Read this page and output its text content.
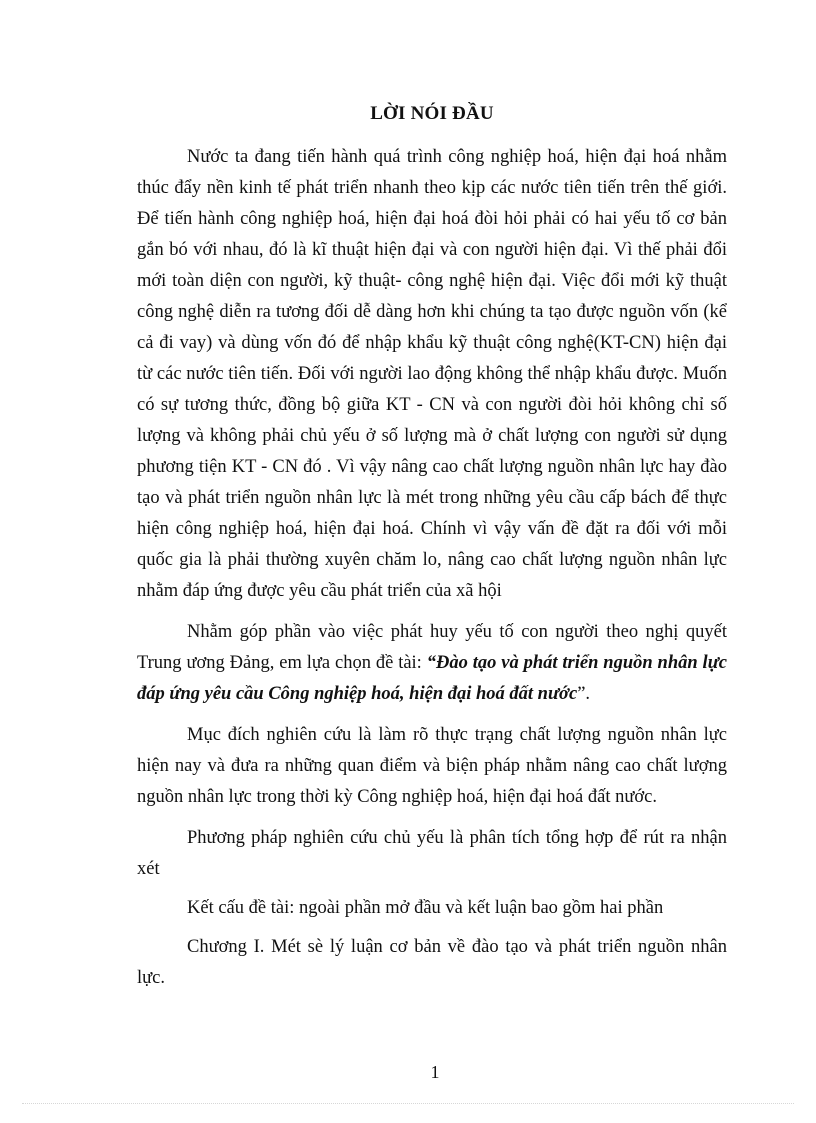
LỜI NÓI ĐẦU

Nước ta đang tiến hành quá trình công nghiệp hoá, hiện đại hoá nhằm thúc đẩy nền kinh tế phát triển nhanh theo kịp các nước tiên tiến trên thế giới. Để tiến hành công nghiệp hoá, hiện đại hoá đòi hỏi phải có hai yếu tố cơ bản gắn bó với nhau, đó là kĩ thuật hiện đại và con người hiện đại. Vì thế phải đổi mới toàn diện con người, kỹ thuật- công nghệ hiện đại. Việc đổi mới kỹ thuật công nghệ diễn ra tương đối dễ dàng hơn khi chúng ta tạo được nguồn vốn (kể cả đi vay) và dùng vốn đó để nhập khẩu kỹ thuật công nghệ(KT-CN) hiện đại từ các nước tiên tiến. Đối với người lao động không thể nhập khẩu được. Muốn có sự tương thức, đồng bộ giữa KT - CN và con người đòi hỏi không chỉ số lượng và không phải chủ yếu ở số lượng mà ở chất lượng con người sử dụng phương tiện KT - CN đó . Vì vậy nâng cao chất lượng nguồn nhân lực hay đào tạo và phát triển nguồn nhân lực là mét trong những yêu cầu cấp bách để thực hiện công nghiệp hoá, hiện đại hoá. Chính vì vậy vấn đề đặt ra đối với mỗi quốc gia là phải thường xuyên chăm lo, nâng cao chất lượng nguồn nhân lực nhằm đáp ứng được yêu cầu phát triển của xã hội

Nhằm góp phần vào việc phát huy yếu tố con người theo nghị quyết Trung ương Đảng, em lựa chọn đề tài: “Đào tạo và phát triển nguồn nhân lực đáp ứng yêu cầu Công nghiệp hoá, hiện đại hoá đất nước”.

Mục đích nghiên cứu là làm rõ thực trạng chất lượng nguồn nhân lực hiện nay và đưa ra những quan điểm và biện pháp nhằm nâng cao chất lượng nguồn nhân lực trong thời kỳ Công nghiệp hoá, hiện đại hoá đất nước.

Phương pháp nghiên cứu chủ yếu là phân tích tổng hợp để rút ra nhận xét

Kết cấu đề tài: ngoài phần mở đầu và kết luận bao gồm hai phần

Chương I. Mét sè lý luận cơ bản về đào tạo và phát triển nguồn nhân lực.

1
